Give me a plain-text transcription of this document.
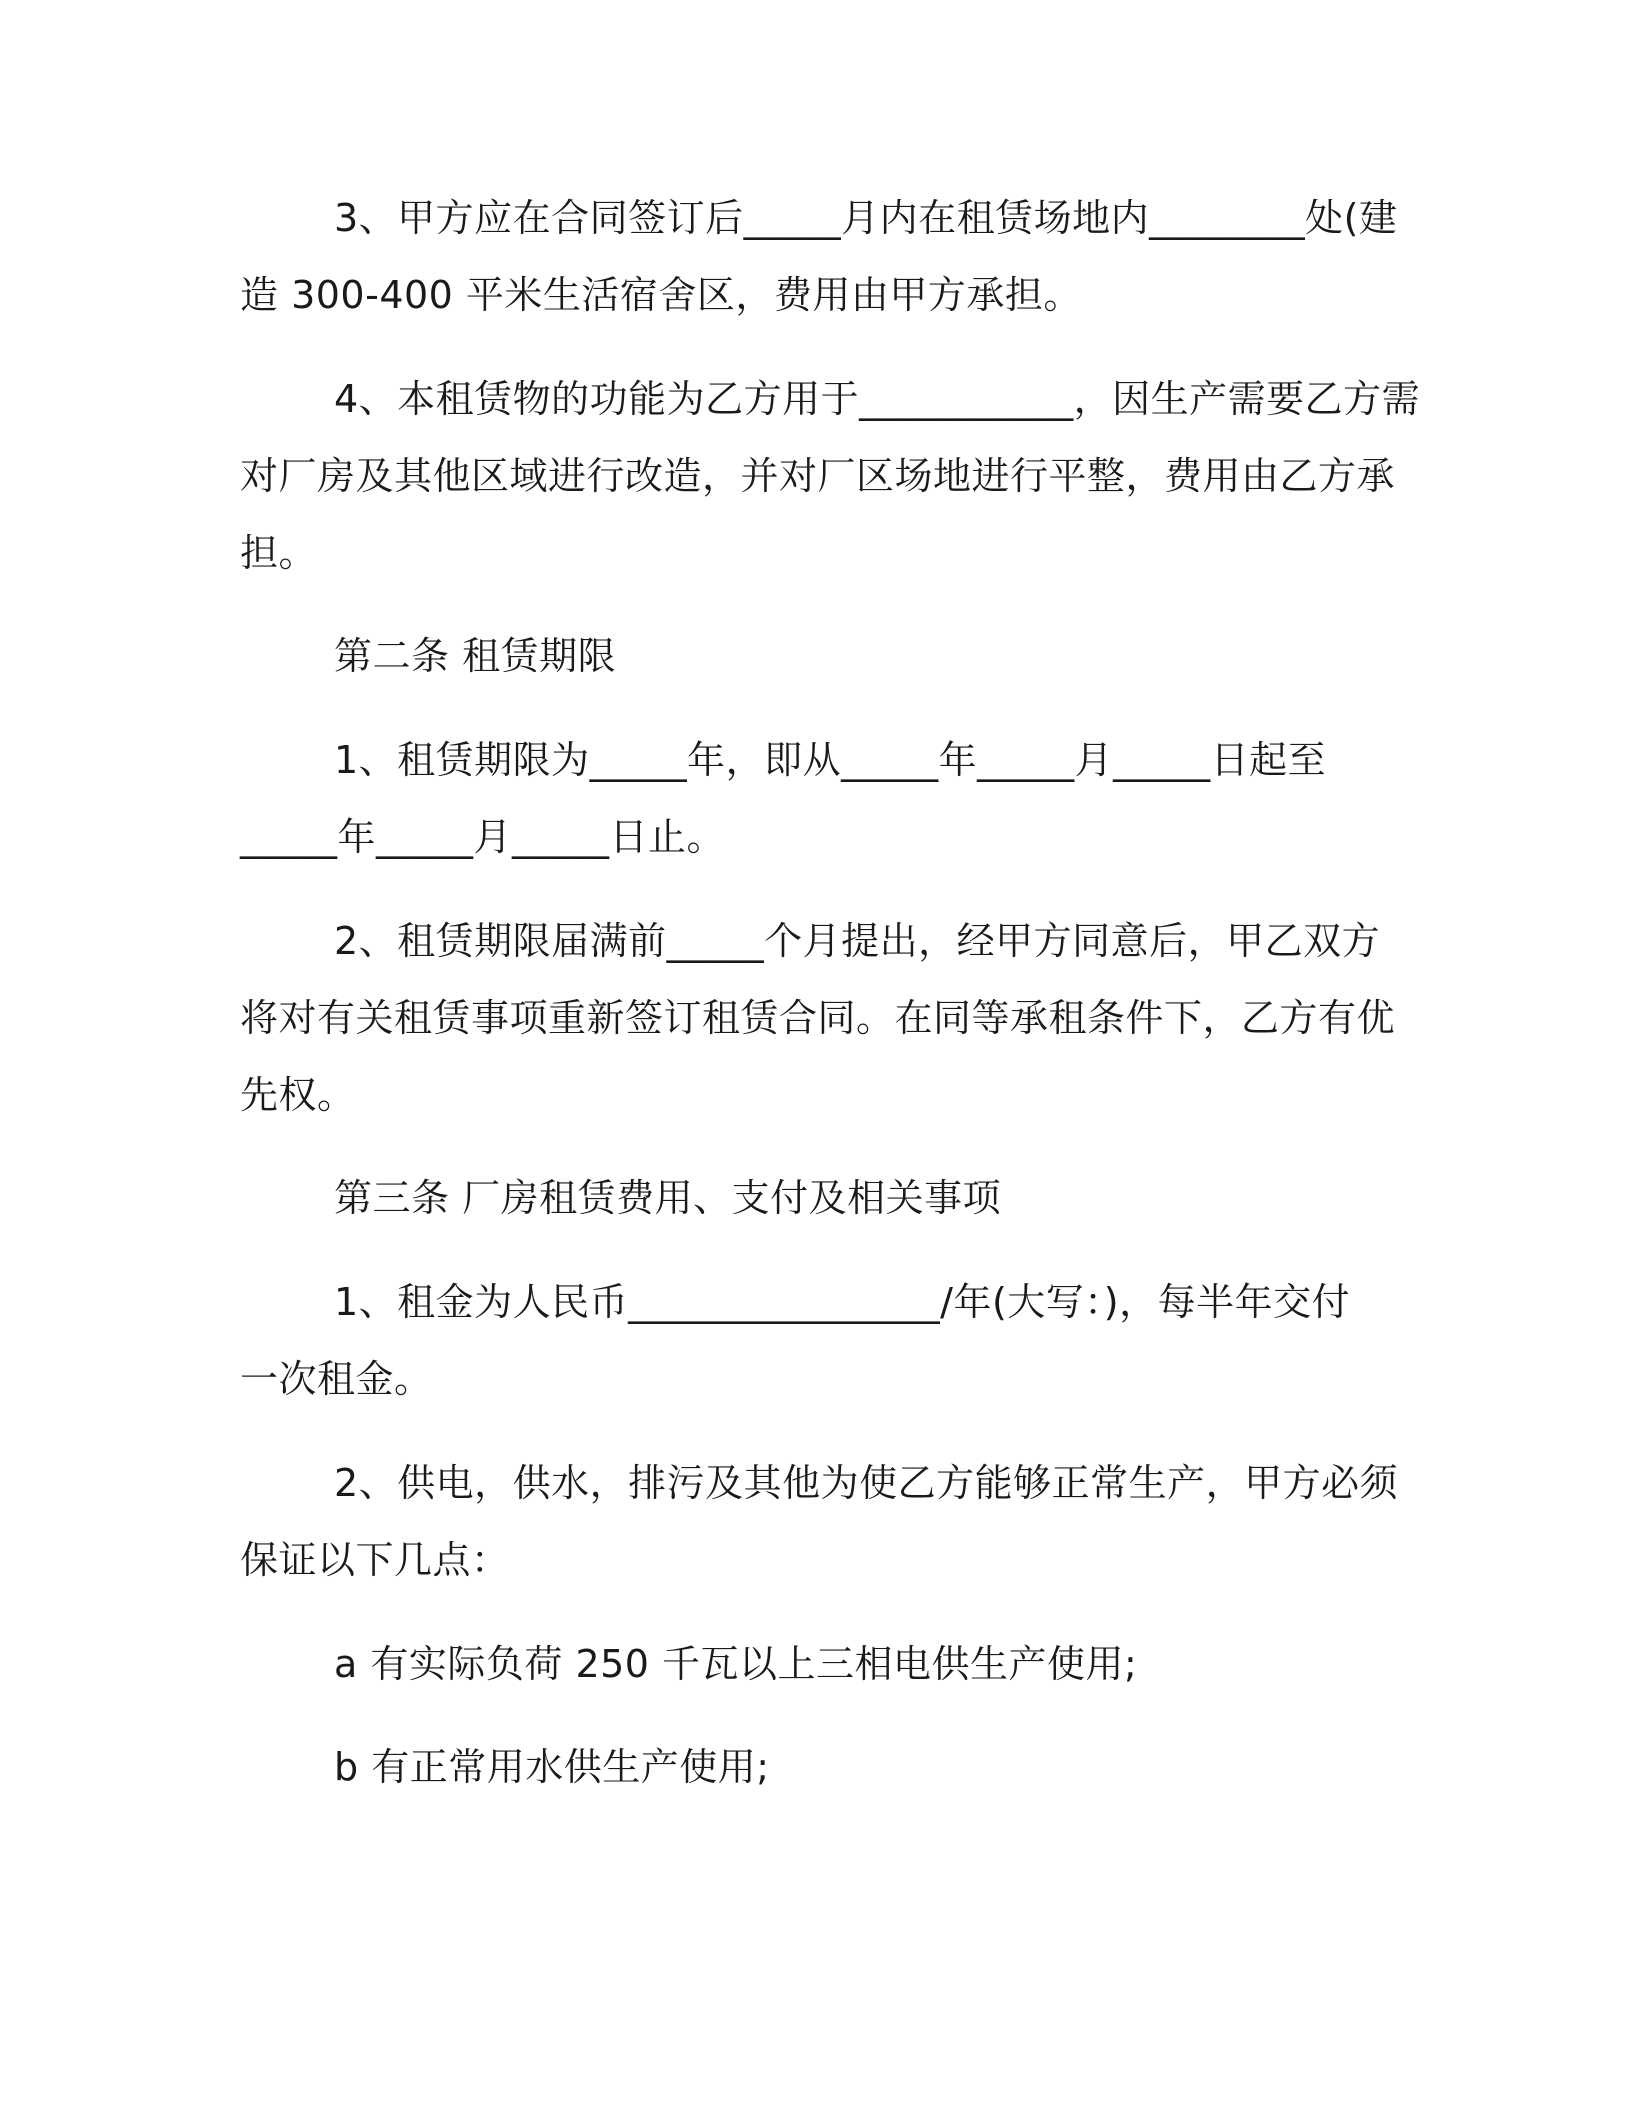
3、甲方应在合同签订后_____月内在租赁场地内________处(建
造 300-400 平米生活宿舍区，费用由甲方承担。
4、本租赁物的功能为乙方用于___________，因生产需要乙方需
对厂房及其他区域进行改造，并对厂区场地进行平整，费用由乙方承
担。
第二条 租赁期限
1、租赁期限为_____年，即从_____年_____月_____日起至
_____年_____月_____日止。
2、租赁期限届满前_____个月提出，经甲方同意后，甲乙双方
将对有关租赁事项重新签订租赁合同。在同等承租条件下，乙方有优
先权。
第三条 厂房租赁费用、支付及相关事项
1、租金为人民币________________/年(大写：)，每半年交付
一次租金。
2、供电，供水，排污及其他为使乙方能够正常生产，甲方必须
保证以下几点：
a 有实际负荷 250 千瓦以上三相电供生产使用;
b 有正常用水供生产使用;
